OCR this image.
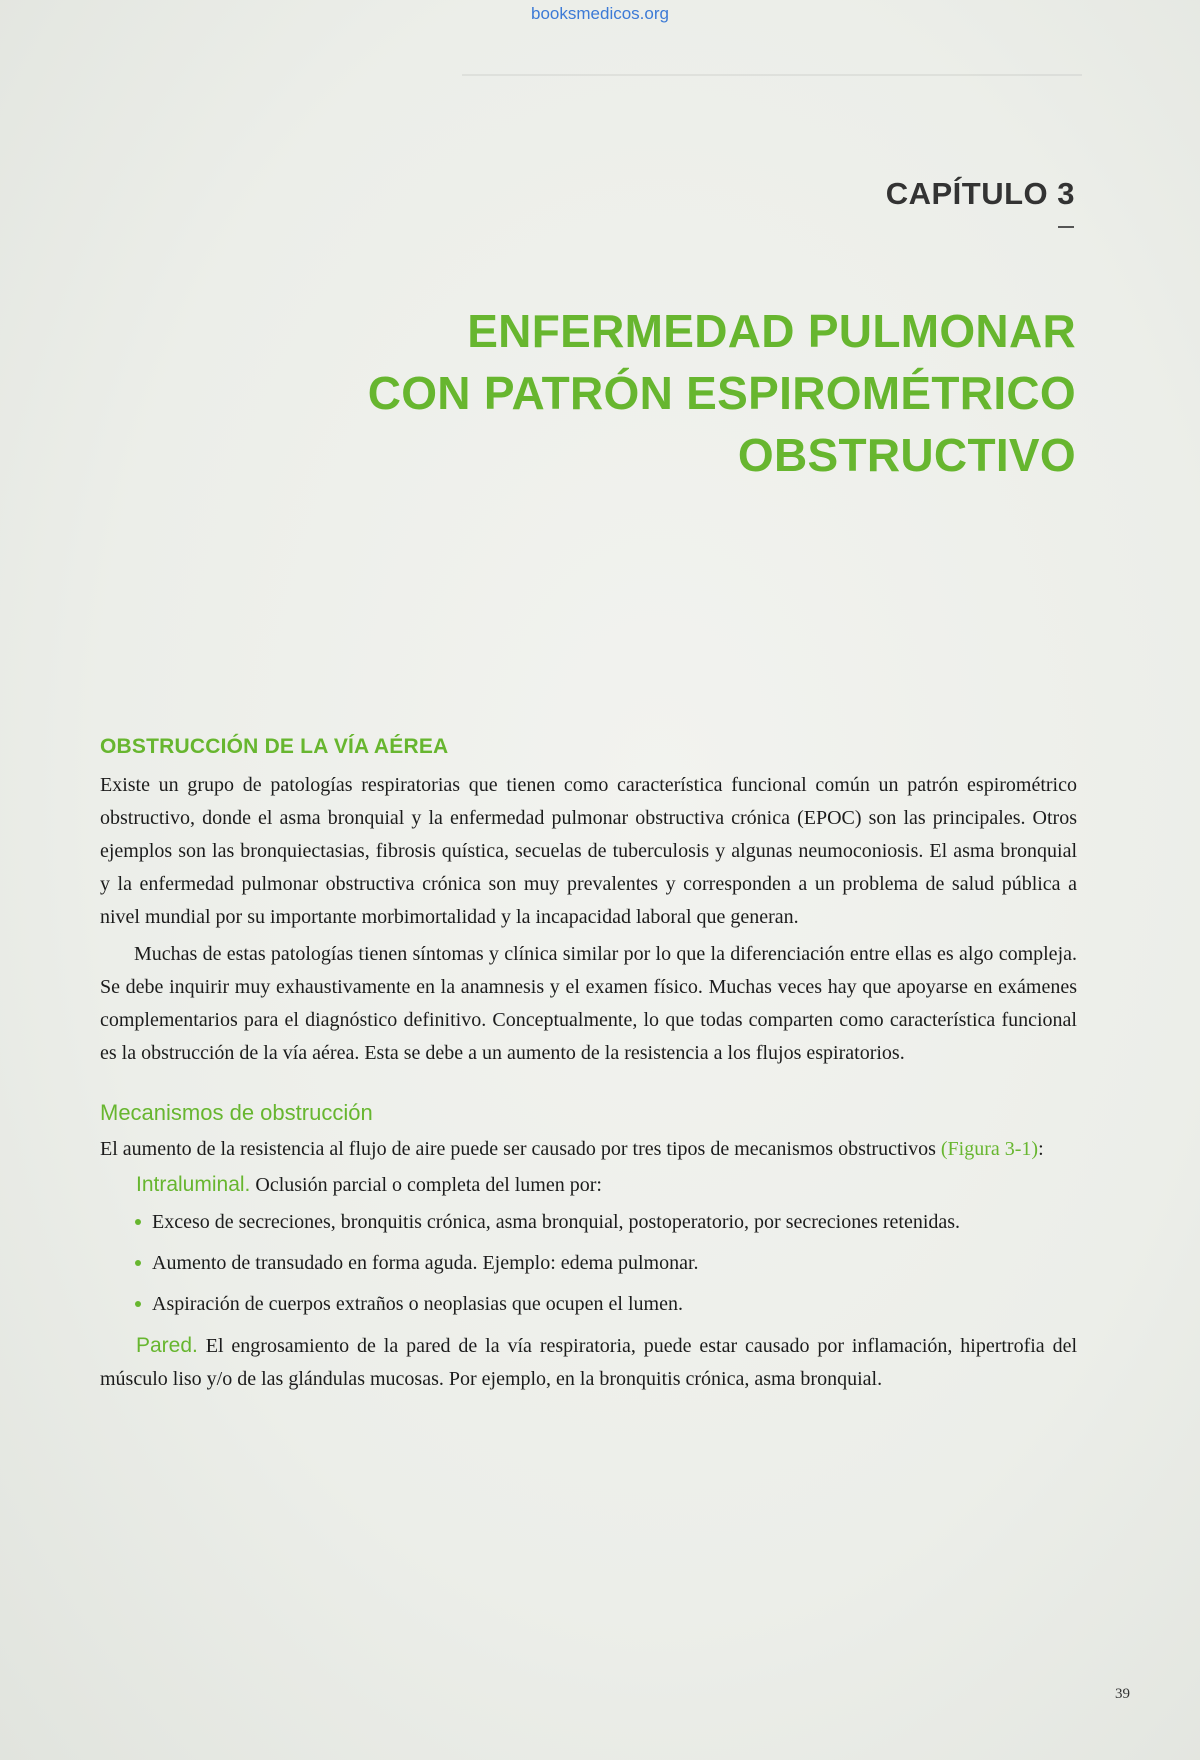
booksmedicos.org
CAPÍTULO 3
ENFERMEDAD PULMONAR
CON PATRÓN ESPIROMÉTRICO
OBSTRUCTIVO
OBSTRUCCIÓN DE LA VÍA AÉREA

Existe un grupo de patologías respiratorias que tienen como característica funcional común un patrón espirométrico obstructivo, donde el asma bronquial y la enfermedad pulmonar obstructiva crónica (EPOC) son las principales. Otros ejemplos son las bronquiectasias, fibrosis quística, secuelas de tuberculosis y algunas neumoconiosis. El asma bronquial y la enfermedad pulmonar obstructiva crónica son muy prevalentes y corresponden a un problema de salud pública a nivel mundial por su importante morbimortalidad y la incapacidad laboral que generan.

Muchas de estas patologías tienen síntomas y clínica similar por lo que la diferenciación entre ellas es algo compleja. Se debe inquirir muy exhaustivamente en la anamnesis y el examen físico. Muchas veces hay que apoyarse en exámenes complementarios para el diagnóstico definitivo. Conceptualmente, lo que todas comparten como característica funcional es la obstrucción de la vía aérea. Esta se debe a un aumento de la resistencia a los flujos espiratorios.

Mecanismos de obstrucción

El aumento de la resistencia al flujo de aire puede ser causado por tres tipos de mecanismos obstructivos (Figura 3-1):

Intraluminal. Oclusión parcial o completa del lumen por:

Exceso de secreciones, bronquitis crónica, asma bronquial, postoperatorio, por secreciones retenidas.
Aumento de transudado en forma aguda. Ejemplo: edema pulmonar.
Aspiración de cuerpos extraños o neoplasias que ocupen el lumen.

Pared. El engrosamiento de la pared de la vía respiratoria, puede estar causado por inflamación, hipertrofia del músculo liso y/o de las glándulas mucosas. Por ejemplo, en la bronquitis crónica, asma bronquial.

39
